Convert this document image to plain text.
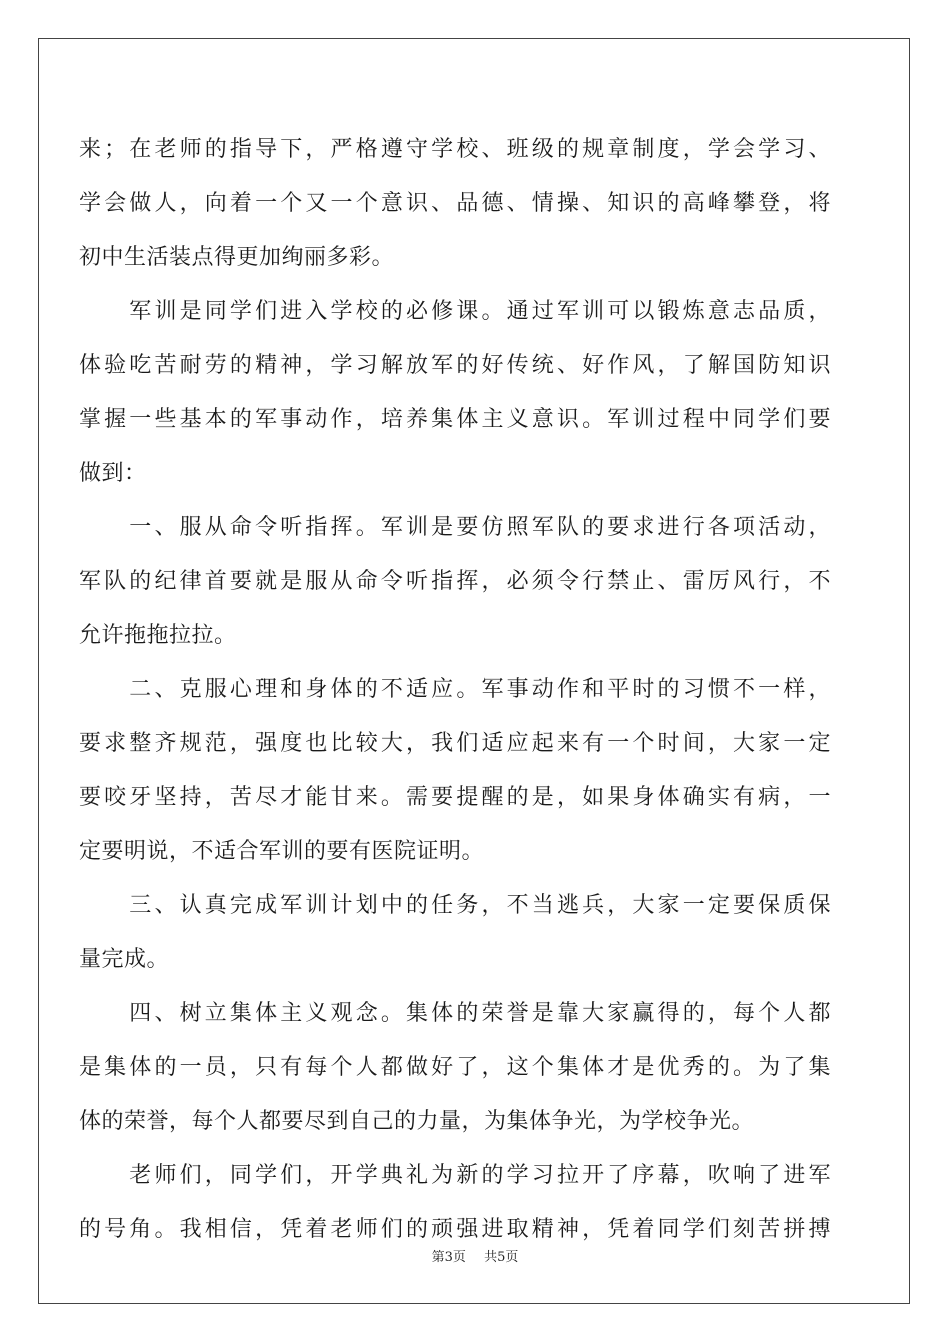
来；在老师的指导下，严格遵守学校、班级的规章制度，学会学习、
学会做人，向着一个又一个意识、品德、情操、知识的高峰攀登，将
初中生活装点得更加绚丽多彩。
　　军训是同学们进入学校的必修课。通过军训可以锻炼意志品质，
体验吃苦耐劳的精神，学习解放军的好传统、好作风，了解国防知识
掌握一些基本的军事动作，培养集体主义意识。军训过程中同学们要
做到：
　　一、服从命令听指挥。军训是要仿照军队的要求进行各项活动，
军队的纪律首要就是服从命令听指挥，必须令行禁止、雷厉风行，不
允许拖拖拉拉。
　　二、克服心理和身体的不适应。军事动作和平时的习惯不一样，
要求整齐规范，强度也比较大，我们适应起来有一个时间，大家一定
要咬牙坚持，苦尽才能甘来。需要提醒的是，如果身体确实有病，一
定要明说，不适合军训的要有医院证明。
　　三、认真完成军训计划中的任务，不当逃兵，大家一定要保质保
量完成。
　　四、树立集体主义观念。集体的荣誉是靠大家赢得的，每个人都
是集体的一员，只有每个人都做好了，这个集体才是优秀的。为了集
体的荣誉，每个人都要尽到自己的力量，为集体争光，为学校争光。
　　老师们，同学们，开学典礼为新的学习拉开了序幕，吹响了进军
的号角。我相信，凭着老师们的顽强进取精神，凭着同学们刻苦拼搏
第3页 共5页
